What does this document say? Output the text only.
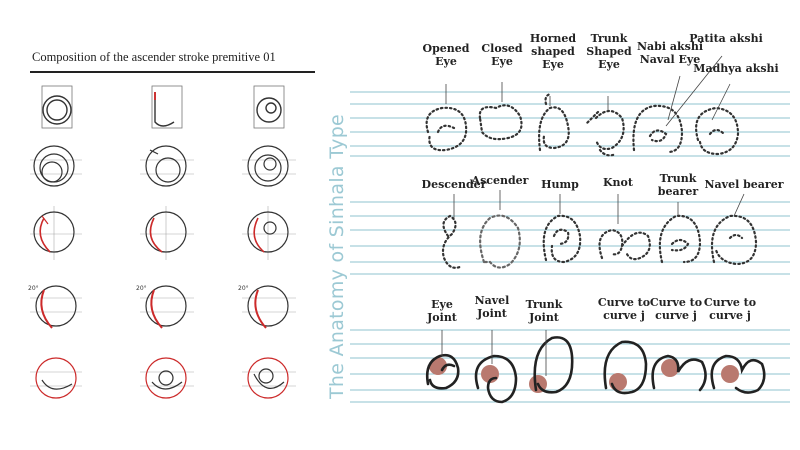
Composition of the ascender stroke premitive 01
20°	20°	20°	The Anatomy of Sinhala Type
Opened Eye
Closed Eye
Horned shaped Eye
Trunk Shaped Eye
Nabi akshi Naval Eye
Patita akshi
Madhya akshi
Descender
Ascender Hump Knot Trunk bearer
Navel bearer
Eye Joint
Navel Joint
Trunk Joint
Curve to curve j
Curve to curve j
Curve to curve j
